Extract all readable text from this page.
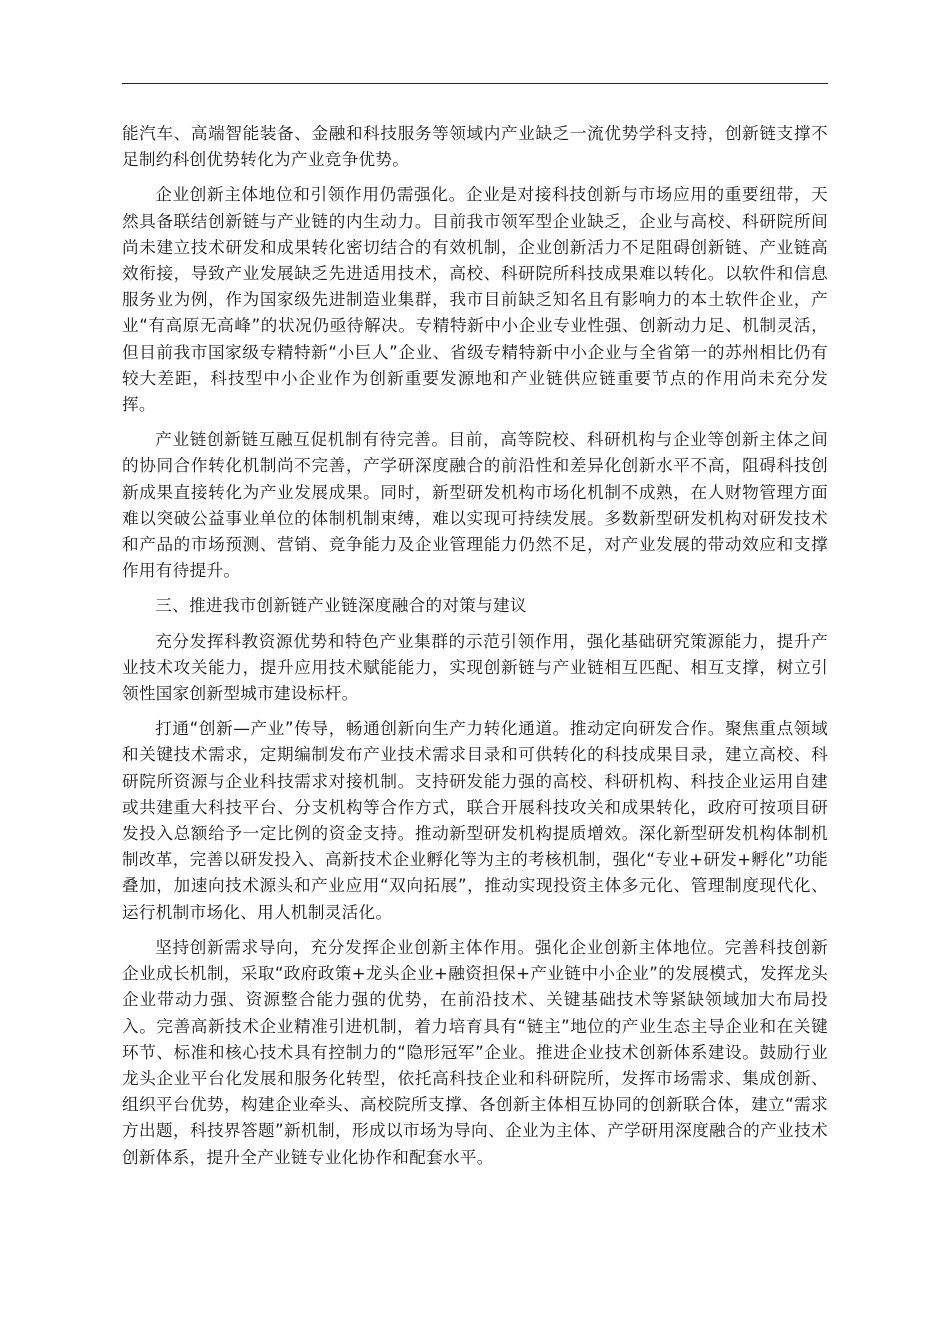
能汽车、高端智能装备、金融和科技服务等领域内产业缺乏一流优势学科支持，创新链支撑不足制约科创优势转化为产业竞争优势。

企业创新主体地位和引领作用仍需强化。企业是对接科技创新与市场应用的重要纽带，天然具备联结创新链与产业链的内生动力。目前我市领军型企业缺乏，企业与高校、科研院所间尚未建立技术研发和成果转化密切结合的有效机制，企业创新活力不足阻碍创新链、产业链高效衔接，导致产业发展缺乏先进适用技术，高校、科研院所科技成果难以转化。以软件和信息服务业为例，作为国家级先进制造业集群，我市目前缺乏知名且有影响力的本土软件企业，产业“有高原无高峰”的状况仍亟待解决。专精特新中小企业专业性强、创新动力足、机制灵活，但目前我市国家级专精特新“小巨人”企业、省级专精特新中小企业与全省第一的苏州相比仍有较大差距，科技型中小企业作为创新重要发源地和产业链供应链重要节点的作用尚未充分发挥。

产业链创新链互融互促机制有待完善。目前，高等院校、科研机构与企业等创新主体之间的协同合作转化机制尚不完善，产学研深度融合的前沿性和差异化创新水平不高，阻碍科技创新成果直接转化为产业发展成果。同时，新型研发机构市场化机制不成熟，在人财物管理方面难以突破公益事业单位的体制机制束缚，难以实现可持续发展。多数新型研发机构对研发技术和产品的市场预测、营销、竞争能力及企业管理能力仍然不足，对产业发展的带动效应和支撑作用有待提升。

三、推进我市创新链产业链深度融合的对策与建议

充分发挥科教资源优势和特色产业集群的示范引领作用，强化基础研究策源能力，提升产业技术攻关能力，提升应用技术赋能能力，实现创新链与产业链相互匹配、相互支撑，树立引领性国家创新型城市建设标杆。

打通“创新—产业”传导，畅通创新向生产力转化通道。推动定向研发合作。聚焦重点领域和关键技术需求，定期编制发布产业技术需求目录和可供转化的科技成果目录，建立高校、科研院所资源与企业科技需求对接机制。支持研发能力强的高校、科研机构、科技企业运用自建或共建重大科技平台、分支机构等合作方式，联合开展科技攻关和成果转化，政府可按项目研发投入总额给予一定比例的资金支持。推动新型研发机构提质增效。深化新型研发机构体制机制改革，完善以研发投入、高新技术企业孵化等为主的考核机制，强化“专业+研发+孵化”功能叠加，加速向技术源头和产业应用“双向拓展”，推动实现投资主体多元化、管理制度现代化、运行机制市场化、用人机制灵活化。

坚持创新需求导向，充分发挥企业创新主体作用。强化企业创新主体地位。完善科技创新企业成长机制，采取“政府政策+龙头企业+融资担保+产业链中小企业”的发展模式，发挥龙头企业带动力强、资源整合能力强的优势，在前沿技术、关键基础技术等紧缺领域加大布局投入。完善高新技术企业精准引进机制，着力培育具有“链主”地位的产业生态主导企业和在关键环节、标准和核心技术具有控制力的“隐形冠军”企业。推进企业技术创新体系建设。鼓励行业龙头企业平台化发展和服务化转型，依托高科技企业和科研院所，发挥市场需求、集成创新、组织平台优势，构建企业牵头、高校院所支撑、各创新主体相互协同的创新联合体，建立“需求方出题，科技界答题”新机制，形成以市场为导向、企业为主体、产学研用深度融合的产业技术创新体系，提升全产业链专业化协作和配套水平。
